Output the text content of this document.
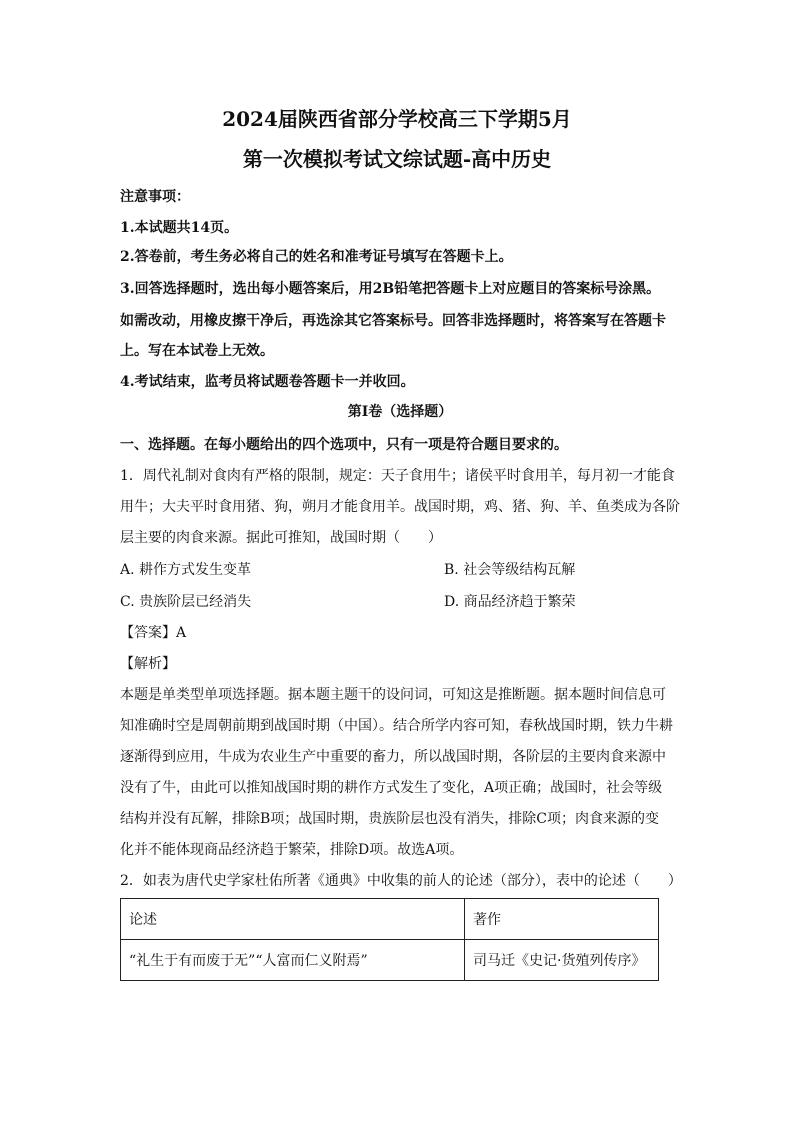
2024届陕西省部分学校高三下学期5月
第一次模拟考试文综试题-高中历史
注意事项：
1.本试题共14页。
2.答卷前，考生务必将自己的姓名和准考证号填写在答题卡上。
3.回答选择题时，选出每小题答案后，用2B铅笔把答题卡上对应题目的答案标号涂黑。
如需改动，用橡皮擦干净后，再选涂其它答案标号。回答非选择题时，将答案写在答题卡
上。写在本试卷上无效。
4.考试结束，监考员将试题卷答题卡一并收回。
第Ⅰ卷（选择题）
一、选择题。在每小题给出的四个选项中，只有一项是符合题目要求的。
1．周代礼制对食肉有严格的限制，规定：天子食用牛；诸侯平时食用羊，每月初一才能食
用牛；大夫平时食用猪、狗，朔月才能食用羊。战国时期，鸡、猪、狗、羊、鱼类成为各阶
层主要的肉食来源。据此可推知，战国时期（　　）
A. 耕作方式发生变革	B. 社会等级结构瓦解
C. 贵族阶层已经消失	D. 商品经济趋于繁荣
【答案】A
【解析】
本题是单类型单项选择题。据本题主题干的设问词，可知这是推断题。据本题时间信息可
知准确时空是周朝前期到战国时期（中国）。结合所学内容可知，春秋战国时期，铁力牛耕
逐渐得到应用，牛成为农业生产中重要的畜力，所以战国时期，各阶层的主要肉食来源中
没有了牛，由此可以推知战国时期的耕作方式发生了变化，A项正确；战国时，社会等级
结构并没有瓦解，排除B项；战国时期，贵族阶层也没有消失，排除C项；肉食来源的变
化并不能体现商品经济趋于繁荣，排除D项。故选A项。
2．如表为唐代史学家杜佑所著《通典》中收集的前人的论述（部分），表中的论述（　　）
论述	著作
“礼生于有而废于无”“人富而仁义附焉”	司马迁《史记·货殖列传序》
